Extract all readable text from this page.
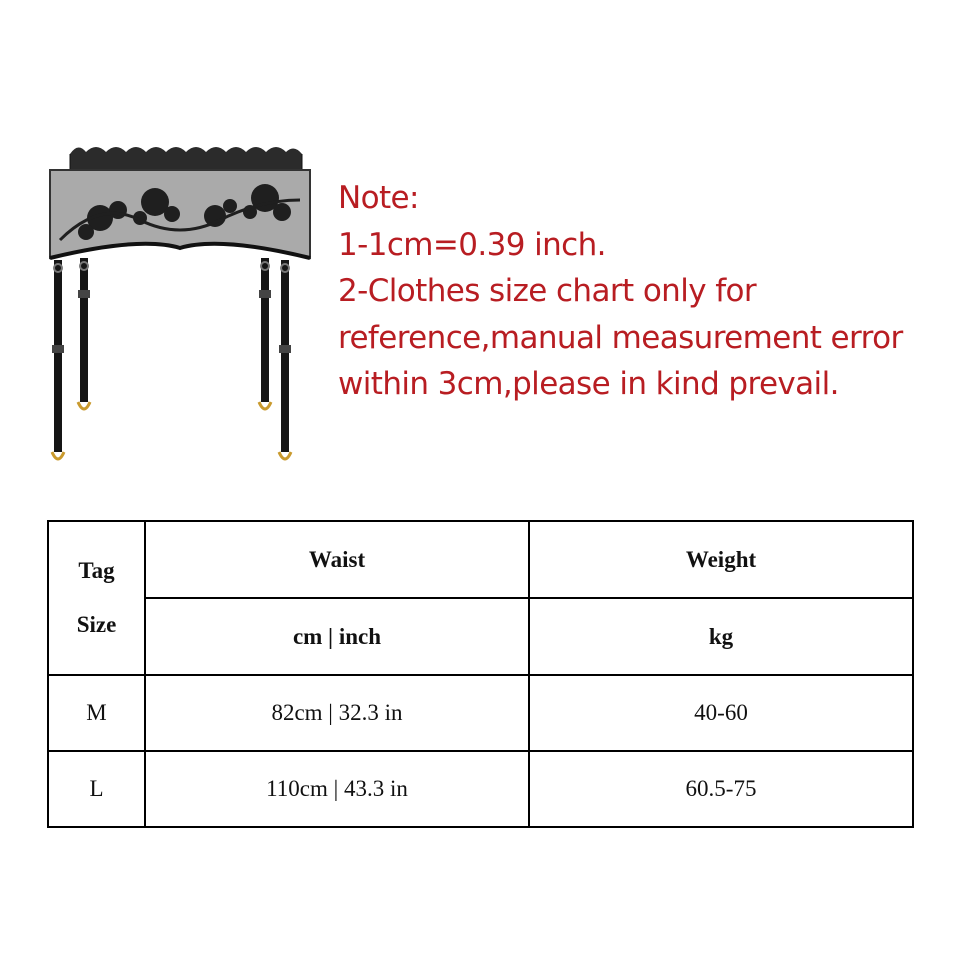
Note:
1-1cm=0.39 inch.
2-Clothes size chart only for
reference,manual measurement error
within 3cm,please in kind prevail.
Tag
Size	Waist	Weight
	cm | inch	kg
M	82cm | 32.3 in	40-60
L	110cm | 43.3 in	60.5-75
